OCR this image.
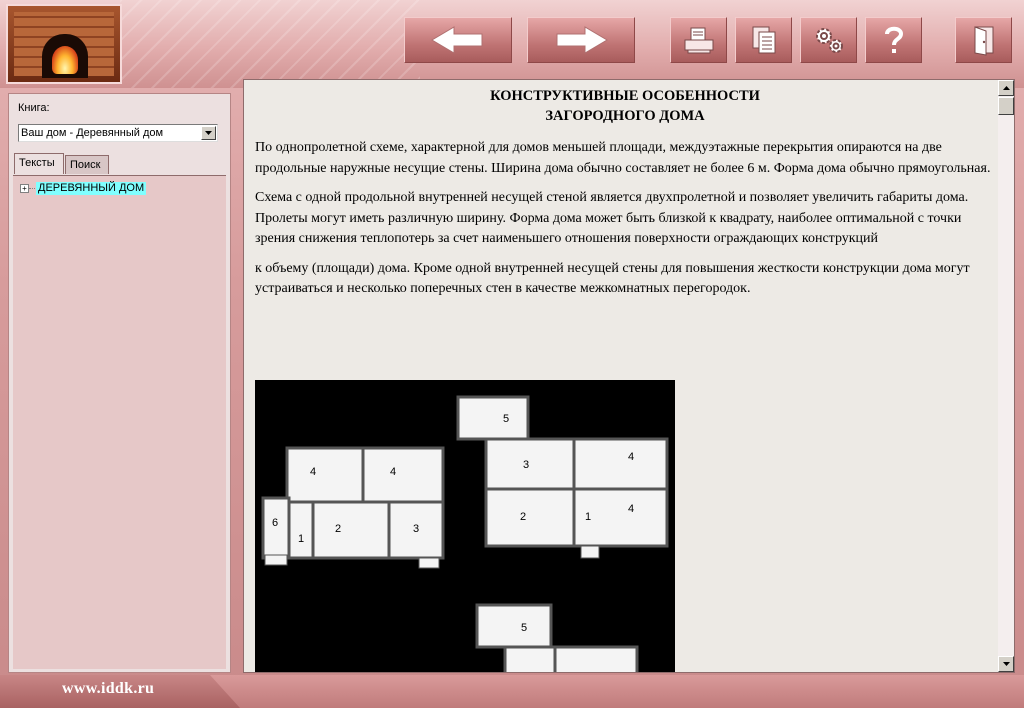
Книга:
Ваш дом - Деревянный дом
Тексты	Поиск
+ ДЕРЕВЯННЫЙ ДОМ
КОНСТРУКТИВНЫЕ ОСОБЕННОСТИ
ЗАГОРОДНОГО ДОМА

По однопролетной схеме, характерной для домов меньшей площади, междуэтажные перекрытия опираются на две продольные наружные несущие стены. Ширина дома обычно составляет не более 6 м. Форма дома обычно прямоугольная.

Схема с одной продольной внутренней несущей стеной является двухпролетной и позволяет увеличить габариты дома. Пролеты могут иметь различную ширину. Форма дома может быть близкой к квадрату, наиболее оптимальной с точки зрения снижения теплопотерь за счет наименьшего отношения поверхности ограждающих конструкций

к объему (площади) дома. Кроме одной внутренней несущей стены для повышения жесткости конструкции дома могут устраиваться и несколько поперечных стен в качестве межкомнатных перегородок.

5
3
4
2	1
4
4	4
6
1
2	3
5
www.iddk.ru
